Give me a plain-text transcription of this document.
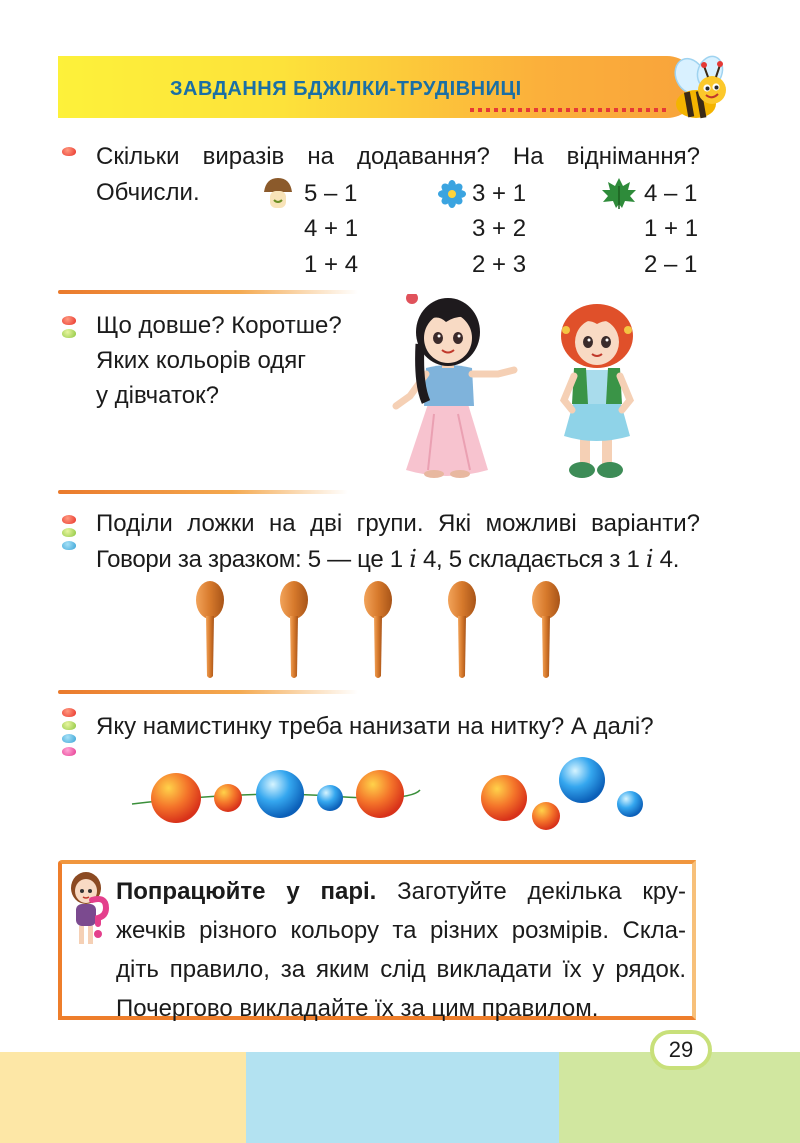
ЗАВДАННЯ БДЖІЛКИ-ТРУДІВНИЦІ
Скільки виразів на додавання? На віднімання?
Обчисли.	5 – 1
4 + 1
1 + 4
3 + 1
3 + 2
2 + 3
4 – 1
1 + 1
2 – 1
Що довше? Коротше?
Яких кольорів одяг
у дівчаток?
Поділи ложки на дві групи. Які можливі варіанти?
Говори за зразком: 5 — це 1 і 4, 5 складається з 1 і 4.
Яку намистинку треба нанизати на нитку? А далі?
Попрацюйте у парі. Заготуйте декілька кру-
жечків різного кольору та різних розмірів. Скла-
діть правило, за яким слід викладати їх у рядок.
Почергово викладайте їх за цим правилом.
29
